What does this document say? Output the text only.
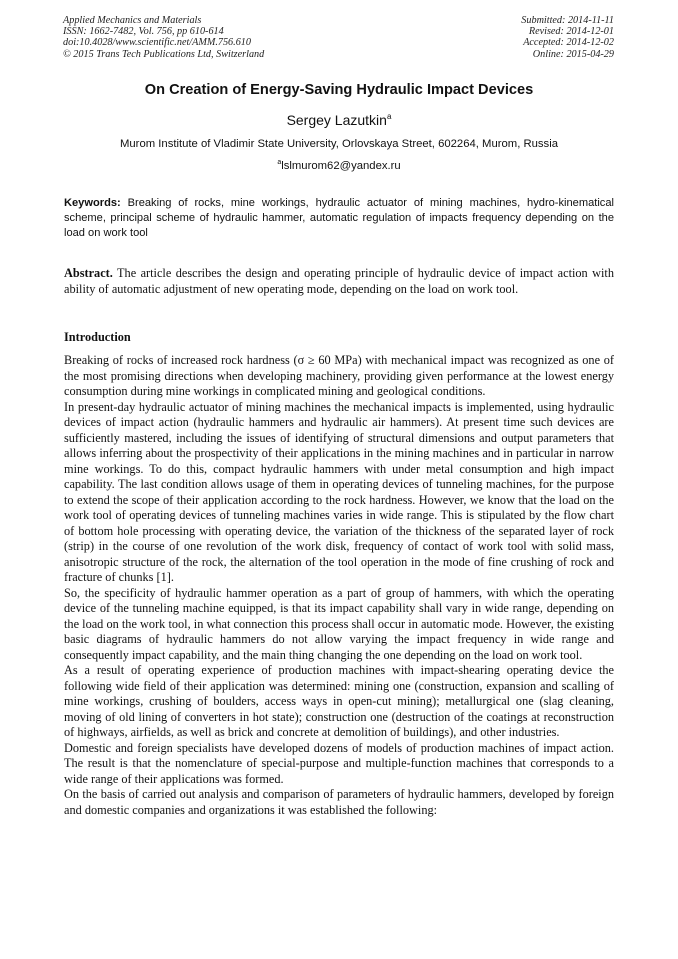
Applied Mechanics and Materials
ISSN: 1662-7482, Vol. 756, pp 610-614
doi:10.4028/www.scientific.net/AMM.756.610
© 2015 Trans Tech Publications Ltd, Switzerland
Submitted: 2014-11-11
Revised: 2014-12-01
Accepted: 2014-12-02
Online: 2015-04-29
On Creation of Energy-Saving Hydraulic Impact Devices
Sergey Lazutkin$^a$
Murom Institute of Vladimir State University, Orlovskaya Street, 602264, Murom, Russia
$^a$lslmurom62@yandex.ru
Keywords: Breaking of rocks, mine workings, hydraulic actuator of mining machines, hydro-kinematical scheme, principal scheme of hydraulic hammer, automatic regulation of impacts frequency depending on the load on work tool
Abstract. The article describes the design and operating principle of hydraulic device of impact action with ability of automatic adjustment of new operating mode, depending on the load on work tool.
Introduction

Breaking of rocks of increased rock hardness (σ ≥ 60 MPa) with mechanical impact was recognized as one of the most promising directions when developing machinery, providing given performance at the lowest energy consumption during mine workings in complicated mining and geological conditions.

In present-day hydraulic actuator of mining machines the mechanical impacts is implemented, using hydraulic devices of impact action (hydraulic hammers and hydraulic air hammers). At present time such devices are sufficiently mastered, including the issues of identifying of structural dimensions and output parameters that allows inferring about the prospectivity of their applications in the mining machines and in particular in narrow mine workings. To do this, compact hydraulic hammers with under metal consumption and high impact capability. The last condition allows usage of them in operating devices of tunneling machines, for the purpose to extend the scope of their application according to the rock hardness. However, we know that the load on the work tool of operating devices of tunneling machines varies in wide range. This is stipulated by the flow chart of bottom hole processing with operating device, the variation of the thickness of the separated layer of rock (strip) in the course of one revolution of the work disk, frequency of contact of work tool with solid mass, anisotropic structure of the rock, the alternation of the tool operation in the mode of fine crushing of rock and fracture of chunks [1].

So, the specificity of hydraulic hammer operation as a part of group of hammers, with which the operating device of the tunneling machine equipped, is that its impact capability shall vary in wide range, depending on the load on the work tool, in what connection this process shall occur in automatic mode. However, the existing basic diagrams of hydraulic hammers do not allow varying the impact frequency in wide range and consequently impact capability, and the main thing changing the one depending on the load on work tool.

As a result of operating experience of production machines with impact-shearing operating device the following wide field of their application was determined: mining one (construction, expansion and scalling of mine workings, crushing of boulders, access ways in open-cut mining); metallurgical one (slag cleaning, moving of old lining of converters in hot state); construction one (destruction of the coatings at reconstruction of highways, airfields, as well as brick and concrete at demolition of buildings), and other industries.

Domestic and foreign specialists have developed dozens of models of production machines of impact action. The result is that the nomenclature of special-purpose and multiple-function machines that corresponds to a wide range of their applications was formed.

On the basis of carried out analysis and comparison of parameters of hydraulic hammers, developed by foreign and domestic companies and organizations it was established the following:
